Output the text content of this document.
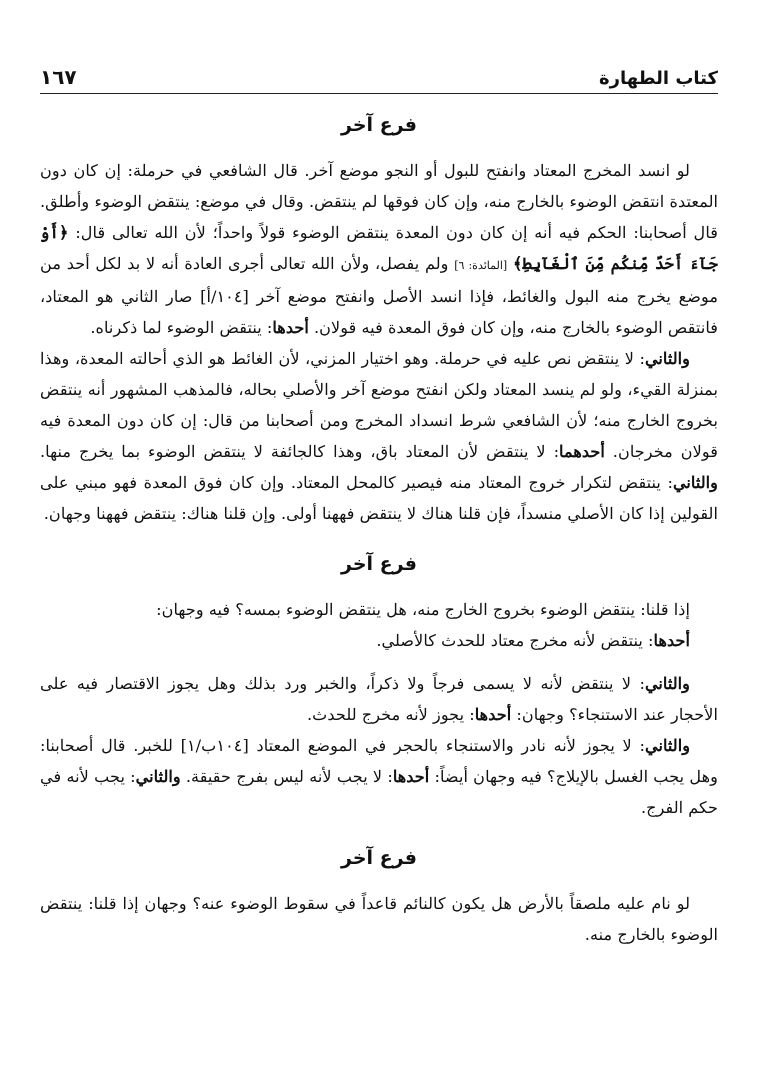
١٦٧	كتاب الطهارة
فرع آخر

لو انسد المخرج المعتاد وانفتح للبول أو النجو موضع آخر. قال الشافعي في حرملة: إن كان دون المعتدة انتقض الوضوء بالخارج منه، وإن كان فوقها لم ينتقض. وقال في موضع: ينتقض الوضوء وأطلق. قال أصحابنا: الحكم فيه أنه إن كان دون المعدة ينتقض الوضوء قولاً واحداً؛ لأن الله تعالى قال: ﴿أَوْ جَآءَ أَحَدٌ مِّنكُم مِّنَ ٱلْغَآيِطِ﴾ [المائدة: ٦] ولم يفصل، ولأن الله تعالى أجرى العادة أنه لا بد لكل أحد من موضع يخرج منه البول والغائط، فإذا انسد الأصل وانفتح موضع آخر [١٠٤/أ] صار الثاني هو المعتاد، فانتقص الوضوء بالخارج منه، وإن كان فوق المعدة فيه قولان. أحدها: ينتقض الوضوء لما ذكرناه.

والثاني: لا ينتقض نص عليه في حرملة. وهو اختيار المزني، لأن الغائط هو الذي أحالته المعدة، وهذا بمنزلة القيء، ولو لم ينسد المعتاد ولكن انفتح موضع آخر والأصلي بحاله، فالمذهب المشهور أنه ينتقض بخروج الخارج منه؛ لأن الشافعي شرط انسداد المخرج ومن أصحابنا من قال: إن كان دون المعدة فيه قولان مخرجان. أحدهما: لا ينتقض لأن المعتاد باق، وهذا كالجائفة لا ينتقض الوضوء بما يخرج منها. والثاني: ينتقض لتكرار خروج المعتاد منه فيصير كالمحل المعتاد. وإن كان فوق المعدة فهو مبني على القولين إذا كان الأصلي منسداً، فإن قلنا هناك لا ينتقض فههنا أولى. وإن قلنا هناك: ينتقض فههنا وجهان.

فرع آخر

إذا قلنا: ينتقض الوضوء بخروج الخارج منه، هل ينتقض الوضوء بمسه؟ فيه وجهان:

أحدها: ينتقض لأنه مخرج معتاد للحدث كالأصلي.

والثاني: لا ينتقض لأنه لا يسمى فرجاً ولا ذكراً، والخبر ورد بذلك وهل يجوز الاقتصار فيه على الأحجار عند الاستنجاء؟ وجهان: أحدها: يجوز لأنه مخرج للحدث.

والثاني: لا يجوز لأنه نادر والاستنجاء بالحجر في الموضع المعتاد [١٠٤ب/١] للخبر. قال أصحابنا: وهل يجب الغسل بالإيلاج؟ فيه وجهان أيضاً: أحدها: لا يجب لأنه ليس بفرج حقيقة. والثاني: يجب لأنه في حكم الفرج.

فرع آخر

لو نام عليه ملصقاً بالأرض هل يكون كالنائم قاعداً في سقوط الوضوء عنه؟ وجهان إذا قلنا: ينتقض الوضوء بالخارج منه.
